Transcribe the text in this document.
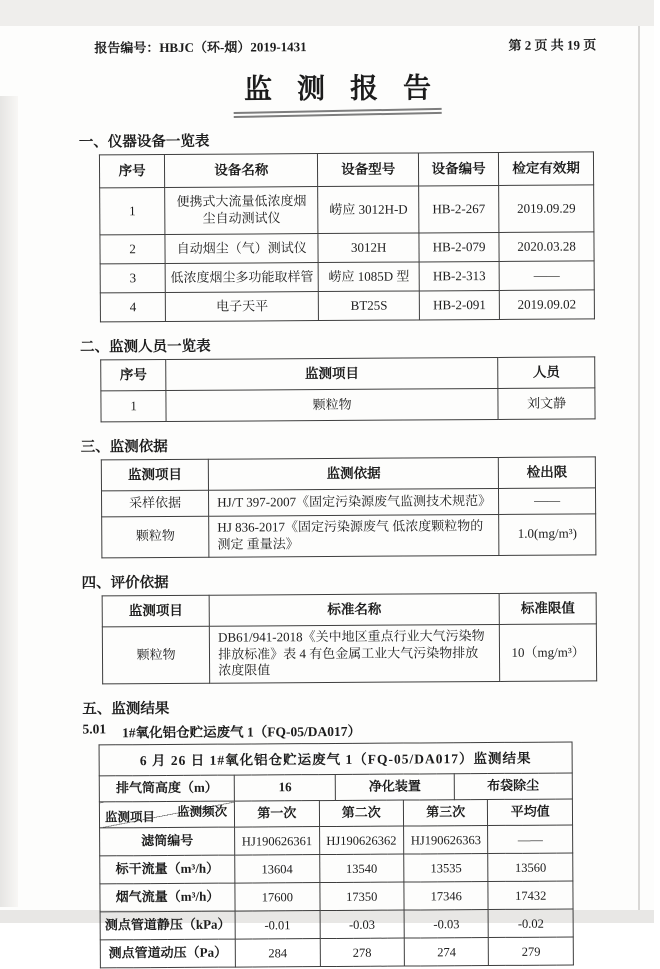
报告编号：HBJC（环-烟）2019-1431	第 2 页 共 19 页
监 测 报 告
一、仪器设备一览表
序号	设备名称	设备型号	设备编号	检定有效期
1	便携式大流量低浓度烟尘自动测试仪	崂应 3012H-D	HB-2-267	2019.09.29
2	自动烟尘（气）测试仪	3012H	HB-2-079	2020.03.28
3	低浓度烟尘多功能取样管	崂应 1085D 型	HB-2-313	——
4	电子天平	BT25S	HB-2-091	2019.09.02
二、监测人员一览表
序号	监测项目	人员
1	颗粒物	刘文静
三、监测依据
监测项目	监测依据	检出限
采样依据	HJ/T 397-2007《固定污染源废气监测技术规范》	——
颗粒物	HJ 836-2017《固定污染源废气 低浓度颗粒物的测定 重量法》	1.0(mg/m³)
四、评价依据
监测项目	标准名称	标准限值
颗粒物	DB61/941-2018《关中地区重点行业大气污染物排放标准》表 4 有色金属工业大气污染物排放浓度限值	10（mg/m³）
五、监测结果
5.01 1#氧化铝仓贮运废气 1（FQ-05/DA017）
6 月 26 日 1#氧化铝仓贮运废气 1（FQ-05/DA017）监测结果						
排气筒高度（m）	16		净化装置		布袋除尘	

监测频次
监测项目	第一次	第二次		第三次		平均值
滤筒编号	HJ190626361	HJ190626362		HJ190626363		——
标干流量（m³/h）	13604	13540		13535		13560
烟气流量（m³/h）	17600	17350		17346		17432
测点管道静压（kPa）	-0.01	-0.03		-0.03		-0.02
测点管道动压（Pa）	284	278		274		279
